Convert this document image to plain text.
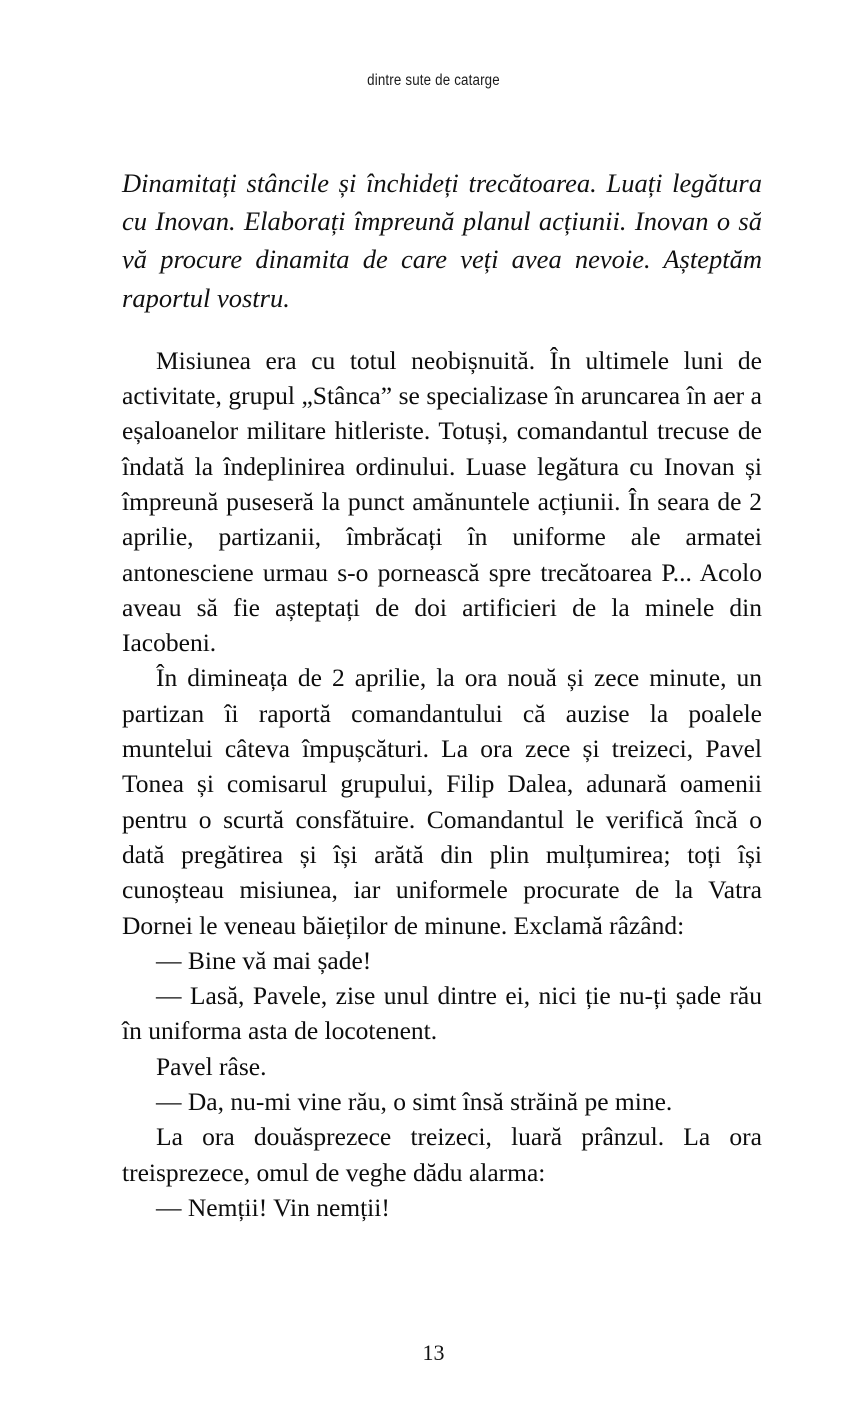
dintre sute de catarge

Dinamitați stâncile și închideți trecătoarea. Luați legătura cu Inovan. Elaborați împreună planul acțiunii. Inovan o să vă procure dinamita de care veți avea nevoie. Așteptăm raportul vostru.

Misiunea era cu totul neobișnuită. În ultimele luni de activitate, grupul „Stânca” se specializase în aruncarea în aer a eșaloanelor militare hitleriste. Totuși, comandantul trecuse de îndată la îndeplinirea ordinului. Luase legătura cu Inovan și împreună puseseră la punct amănuntele acțiunii. În seara de 2 aprilie, partizanii, îmbrăcați în uniforme ale armatei antonesciene urmau s-o pornească spre trecătoarea P... Acolo aveau să fie așteptați de doi artificieri de la minele din Iacobeni.

În dimineața de 2 aprilie, la ora nouă și zece minute, un partizan îi raportă comandantului că auzise la poalele muntelui câteva împușcături. La ora zece și treizeci, Pavel Tonea și comisarul grupului, Filip Dalea, adunară oamenii pentru o scurtă consfătuire. Comandantul le verifică încă o dată pregătirea și își arătă din plin mulțumirea; toți își cunoșteau misiunea, iar uniformele procurate de la Vatra Dornei le veneau băieților de minune. Exclamă râzând:

— Bine vă mai șade!

— Lasă, Pavele, zise unul dintre ei, nici ție nu-ți șade rău în uniforma asta de locotenent.

Pavel râse.

— Da, nu-mi vine rău, o simt însă străină pe mine.

La ora douăsprezece treizeci, luară prânzul. La ora treisprezece, omul de veghe dădu alarma:

— Nemții! Vin nemții!

13
